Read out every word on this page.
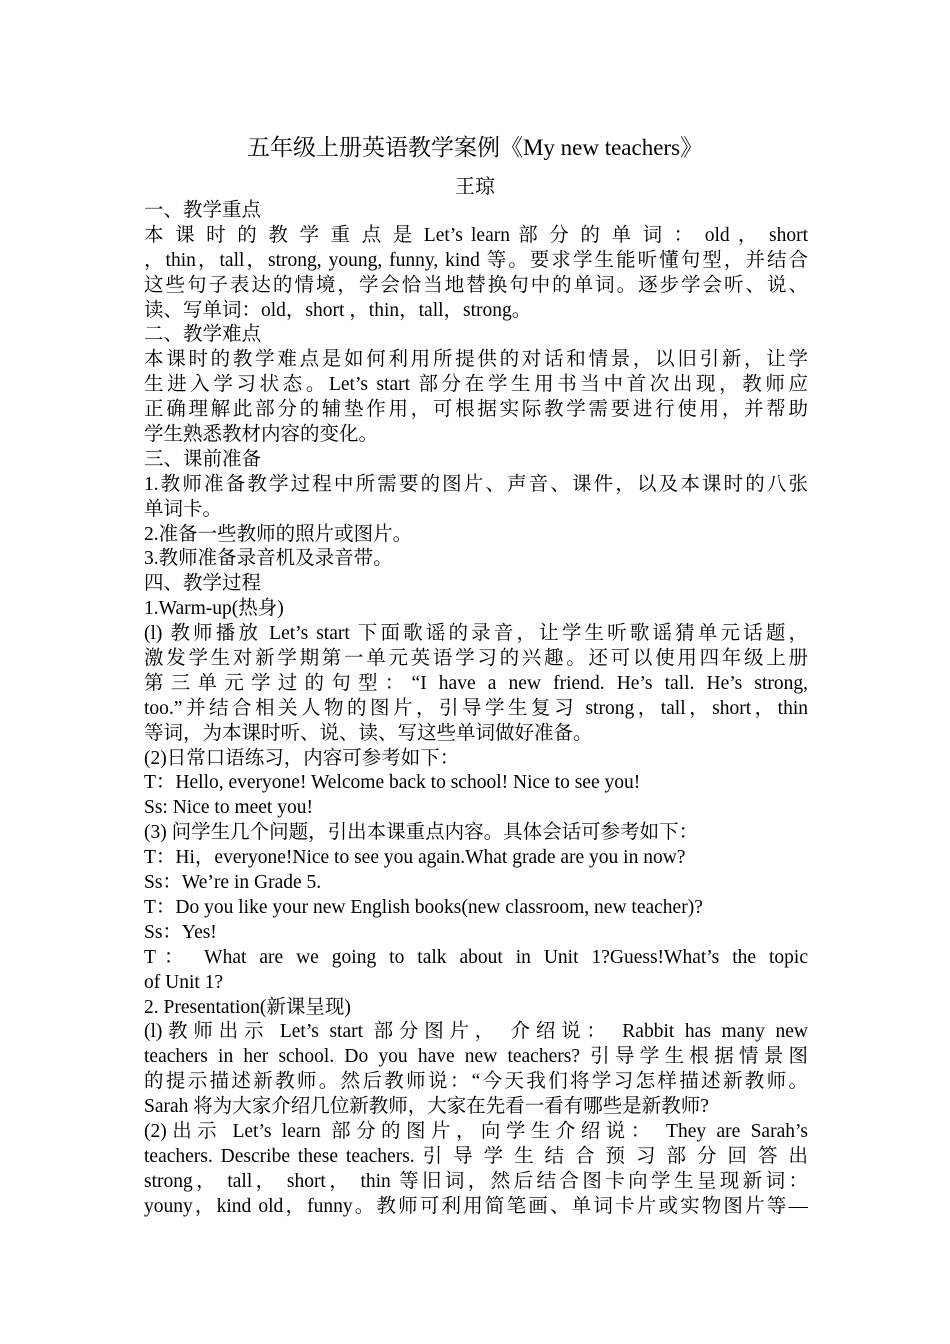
五年级上册英语教学案例《My new teachers》
王琼
一、教学重点
本 课 时 的 教 学 重 点 是 Let’s learn 部 分 的 单 词 ： old ， short
，thin，tall，strong, young, funny, kind 等。要求学生能听懂句型，并结合
这些句子表达的情境，学会恰当地替换句中的单词。逐步学会听、说、
读、写单词：old，short ，thin，tall，strong。
二、教学难点
本课时的教学难点是如何利用所提供的对话和情景，以旧引新，让学
生进入学习状态。Let’s start 部分在学生用书当中首次出现，教师应
正确理解此部分的辅垫作用，可根据实际教学需要进行使用，并帮助
学生熟悉教材内容的变化。
三、课前准备
1.教师准备教学过程中所需要的图片、声音、课件，以及本课时的八张
单词卡。
2.准备一些教师的照片或图片。
3.教师准备录音机及录音带。
四、教学过程
1.Warm-up(热身)
(l) 教师播放 Let’s start 下面歌谣的录音，让学生听歌谣猜单元话题，
激发学生对新学期第一单元英语学习的兴趣。还可以使用四年级上册
第三单元学过的句型：“I have a new friend. He’s tall. He’s strong,
too.”并结合相关人物的图片，引导学生复习 strong，tall，short，thin
等词，为本课时听、说、读、写这些单词做好准备。
(2)日常口语练习，内容可参考如下：
T：Hello, everyone! Welcome back to school! Nice to see you!
Ss: Nice to meet you!
(3) 问学生几个问题，引出本课重点内容。具体会话可参考如下：
T：Hi，everyone!Nice to see you again.What grade are you in now?
Ss：We’re in Grade 5.
T：Do you like your new English books(new classroom, new teacher)?
Ss：Yes!
T： What are we going to talk about in Unit 1?Guess!What’s the topic
of Unit 1?
2. Presentation(新课呈现)
(l)教师出示 Let’s start 部分图片， 介绍说： Rabbit has many new
teachers in her school. Do you have new teachers? 引导学生根据情景图
的提示描述新教师。然后教师说：“今天我们将学习怎样描述新教师。
Sarah 将为大家介绍几位新教师，大家在先看一看有哪些是新教师?
(2)出示 Let’s learn 部分的图片，向学生介绍说： They are Sarah’s
teachers. Describe these teachers. 引 导 学 生 结 合 预 习 部 分 回 答 出
strong， tall， short， thin 等旧词，然后结合图卡向学生呈现新词：
youny，kind old，funny。教师可利用简笔画、单词卡片或实物图片等—
